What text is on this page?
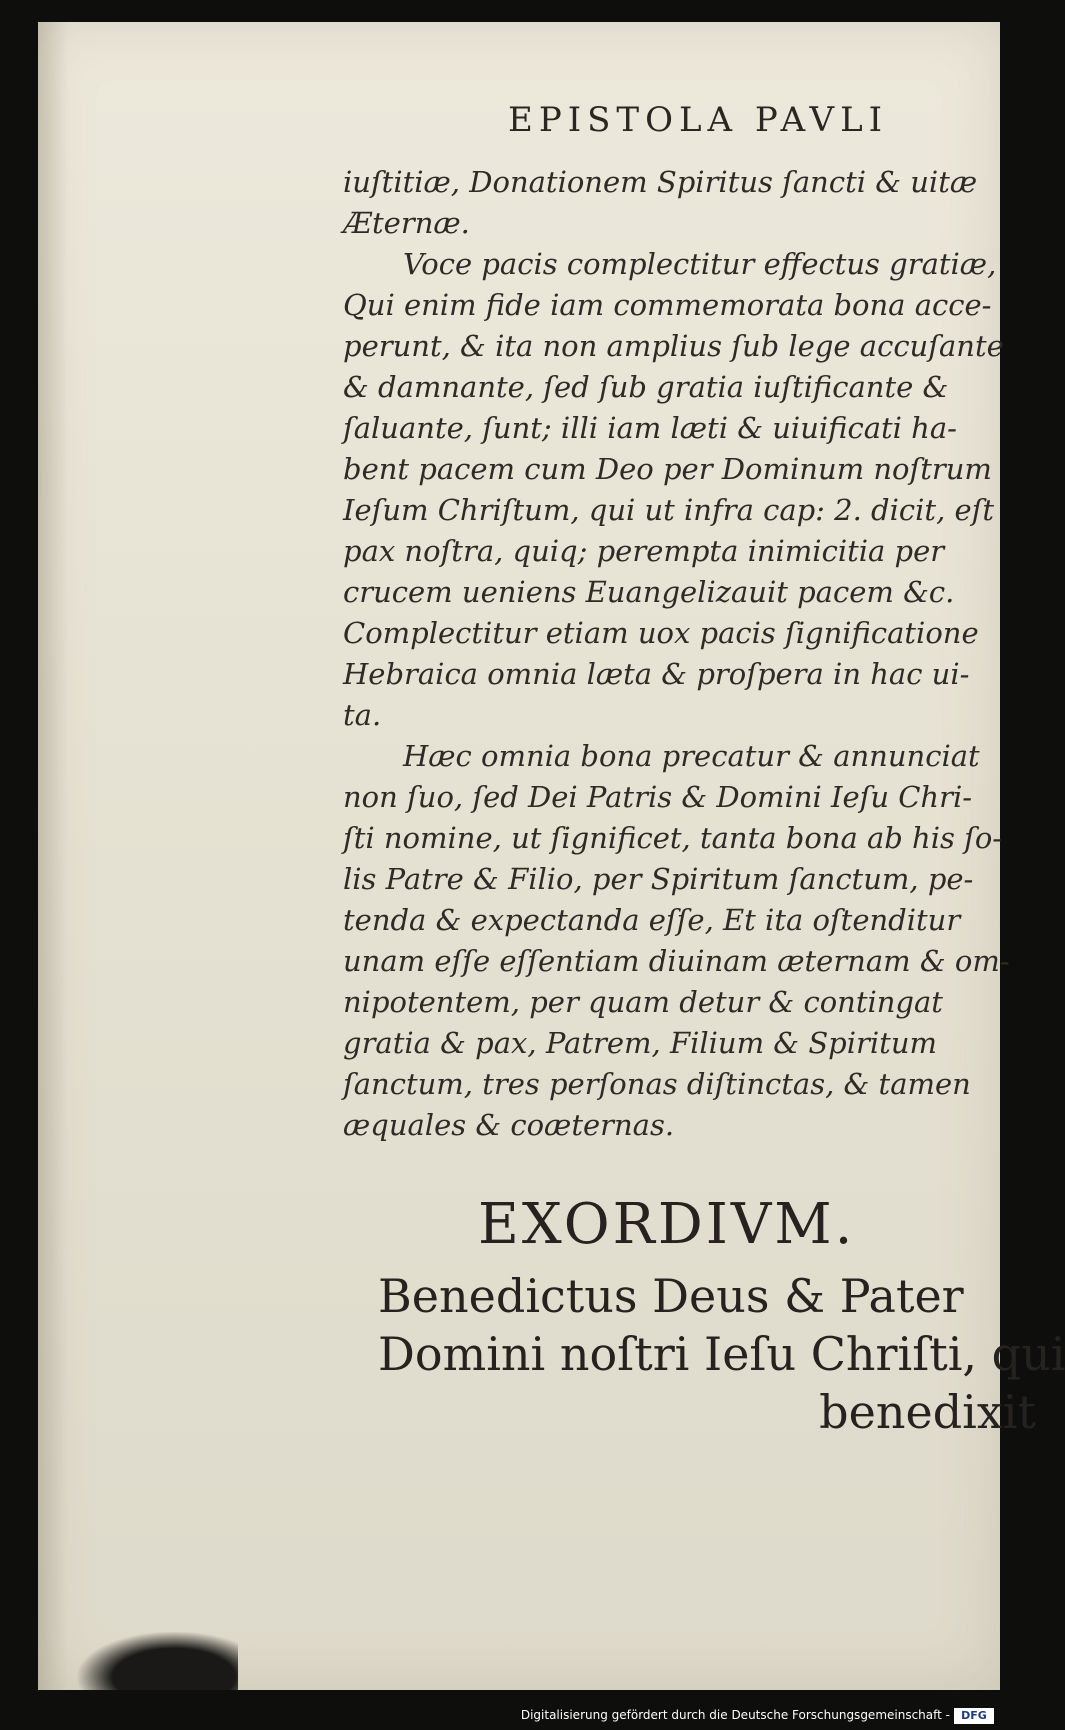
EPISTOLA PAVLI
iuſtitiæ, Donationem Spiritus ſancti & uitæ
Æternæ.
Voce pacis complectitur effectus gratiæ,
Qui enim fide iam commemorata bona acce-
perunt, & ita non amplius ſub lege accuſante
& damnante, ſed ſub gratia iuſtificante &
ſaluante, ſunt; illi iam læti & uiuificati ha-
bent pacem cum Deo per Dominum noſtrum
Ieſum Chriſtum, qui ut infra cap: 2. dicit, eſt
pax noſtra, quiq; perempta inimicitia per
crucem ueniens Euangelizauit pacem &c.
Complectitur etiam uox pacis ſignificatione
Hebraica omnia læta & proſpera in hac ui-
ta.
Hæc omnia bona precatur & annunciat
non ſuo, ſed Dei Patris & Domini Ieſu Chri-
ſti nomine, ut ſignificet, tanta bona ab his ſo-
lis Patre & Filio, per Spiritum ſanctum, pe-
tenda & expectanda eſſe, Et ita oſtenditur
unam eſſe eſſentiam diuinam æternam & om-
nipotentem, per quam detur & contingat
gratia & pax, Patrem, Filium & Spiritum
ſanctum, tres perſonas diſtinctas, & tamen
æquales & coæternas.
EXORDIVM.
Benedictus Deus & Pater
Domini noſtri Ieſu Chriſti, qui
benedixit
Digitalisierung gefördert durch die Deutsche Forschungsgemeinschaft -	DFG
